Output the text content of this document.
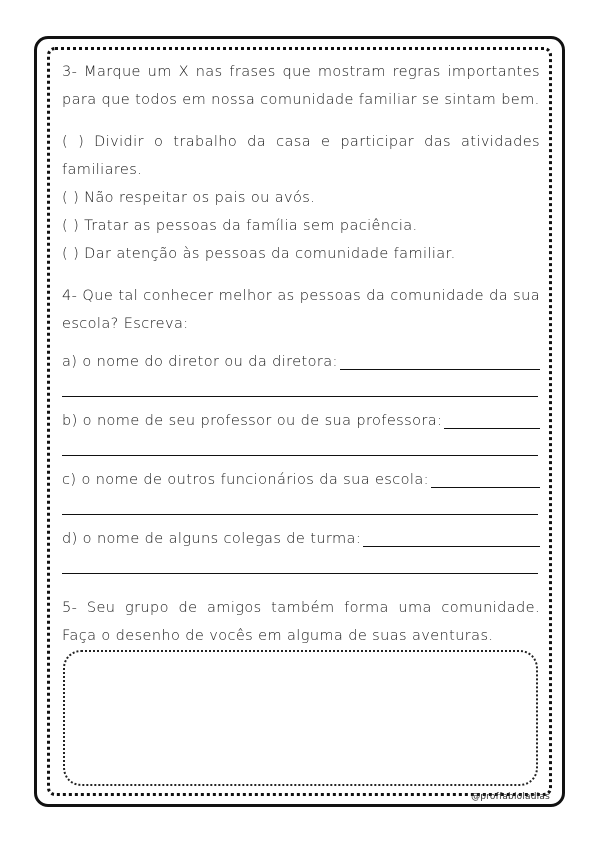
3- Marque um X nas frases que mostram regras importantes para que todos em nossa comunidade familiar se sintam bem.

( ) Dividir o trabalho da casa e participar das atividades familiares.

( ) Não respeitar os pais ou avós.

( ) Tratar as pessoas da família sem paciência.

( ) Dar atenção às pessoas da comunidade familiar.

4- Que tal conhecer melhor as pessoas da comunidade da sua escola? Escreva:

a) o nome do diretor ou da diretora:
b) o nome de seu professor ou de sua professora:
c) o nome de outros funcionários da sua escola:
d) o nome de alguns colegas de turma:

5- Seu grupo de amigos também forma uma comunidade. Faça o desenho de vocês em alguma de suas aventuras.

@proffabioladias
